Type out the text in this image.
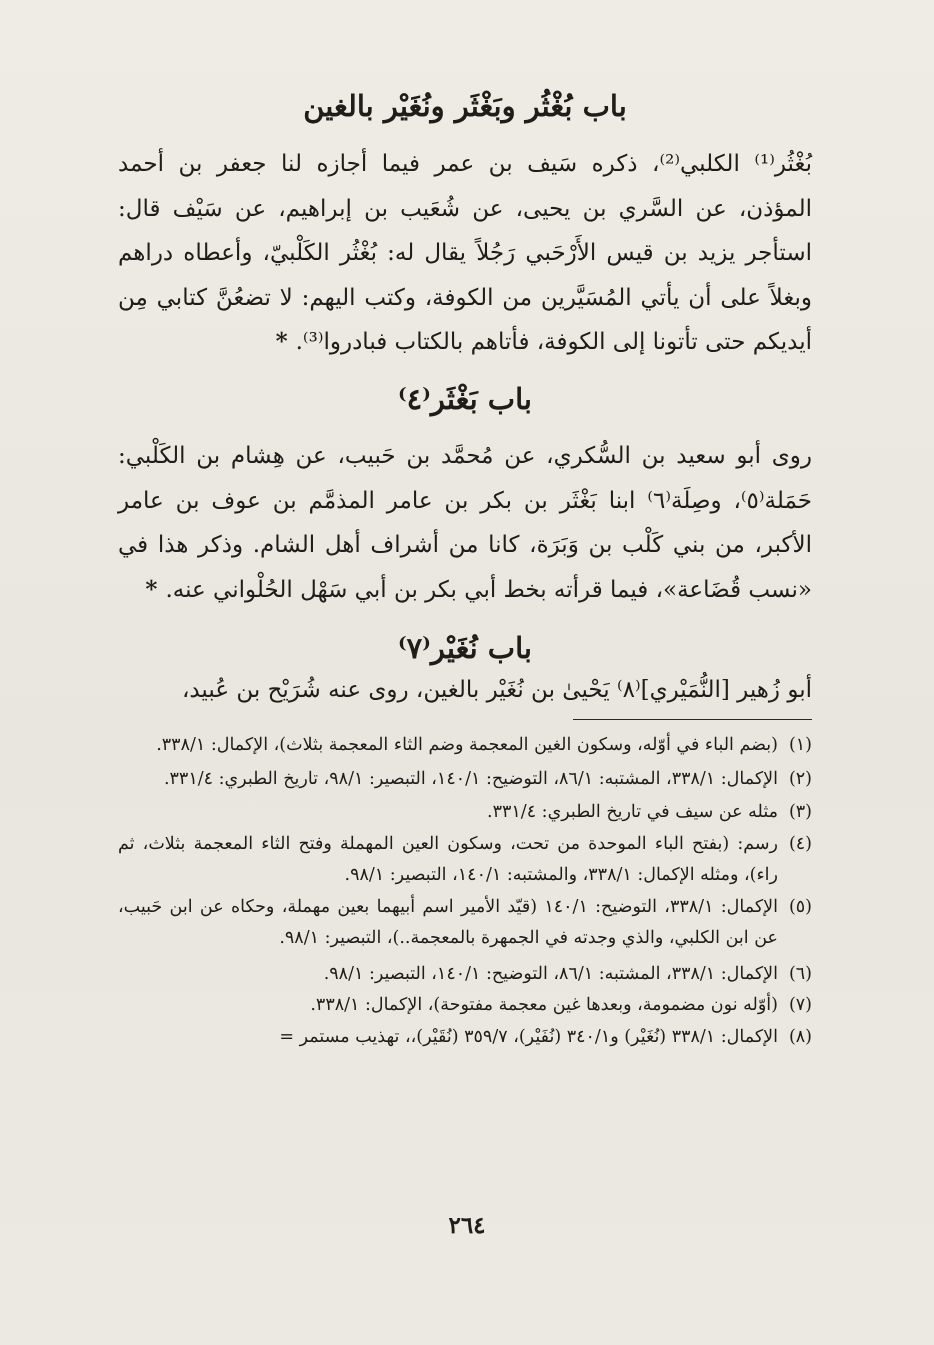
باب بُغْثُر وبَغْثَر ونُغَيْر بالغين
بُغْثُر⁽¹⁾ الكلبي⁽²⁾، ذكره سَيف بن عمر فيما أجازه لنا جعفر بن أحمد المؤذن، عن السَّري بن يحيى، عن شُعَيب بن إبراهيم، عن سَيْف قال: استأجر يزيد بن قيس الأَرْحَبي رَجُلاً يقال له: بُغْثُر الكَلْبيّ، وأعطاه دراهم وبغلاً على أن يأتي المُسَيَّرين من الكوفة، وكتب اليهم: لا تضعُنَّ كتابي مِن أيديكم حتى تأتونا إلى الكوفة، فأتاهم بالكتاب فبادروا⁽³⁾. *
باب بَغْثَر⁽٤⁾
روى أبو سعيد بن السُّكري، عن مُحمَّد بن حَبيب، عن هِشام بن الكَلْبي: حَمَلة⁽٥⁾، وصِلَة⁽٦⁾ ابنا بَغْثَر بن بكر بن عامر المذمَّم بن عوف بن عامر الأكبر، من بني كَلْب بن وَبَرَة، كانا من أشراف أهل الشام. وذكر هذا في «نسب قُضَاعة»، فيما قرأته بخط أبي بكر بن أبي سَهْل الحُلْواني عنه. *
باب نُغَيْر⁽٧⁾
أبو زُهير [النُّمَيْري]⁽٨⁾ يَحْيىٰ بن نُغَيْر بالغين، روى عنه شُرَيْح بن عُبيد،
(١)
(بضم الباء في أوّله، وسكون الغين المعجمة وضم الثاء المعجمة بثلاث)، الإكمال: ٣٣٨/١.
(٢)
الإكمال: ٣٣٨/١، المشتبه: ٨٦/١، التوضيح: ١٤٠/١، التبصير: ٩٨/١، تاريخ الطبري: ٣٣١/٤.
(٣)
مثله عن سيف في تاريخ الطبري: ٣٣١/٤.
(٤)
رسم: (بفتح الباء الموحدة من تحت، وسكون العين المهملة وفتح الثاء المعجمة بثلاث، ثم راء)، ومثله الإكمال: ٣٣٨/١، والمشتبه: ١٤٠/١، التبصير: ٩٨/١.
(٥)
الإكمال: ٣٣٨/١، التوضيح: ١٤٠/١ (قيّد الأمير اسم أبيهما بعين مهملة، وحكاه عن ابن حَبيب، عن ابن الكلبي، والذي وجدته في الجمهرة بالمعجمة..)، التبصير: ٩٨/١.
(٦)
الإكمال: ٣٣٨/١، المشتبه: ٨٦/١، التوضيح: ١٤٠/١، التبصير: ٩٨/١.
(٧)
(أوّله نون مضمومة، وبعدها غين معجمة مفتوحة)، الإكمال: ٣٣٨/١.
(٨)
الإكمال: ٣٣٨/١ (نُغَيْر) و٣٤٠/١ (نُفَيْر)، ٣٥٩/٧ (نُقَيْر)،، تهذيب مستمر =
٢٦٤
